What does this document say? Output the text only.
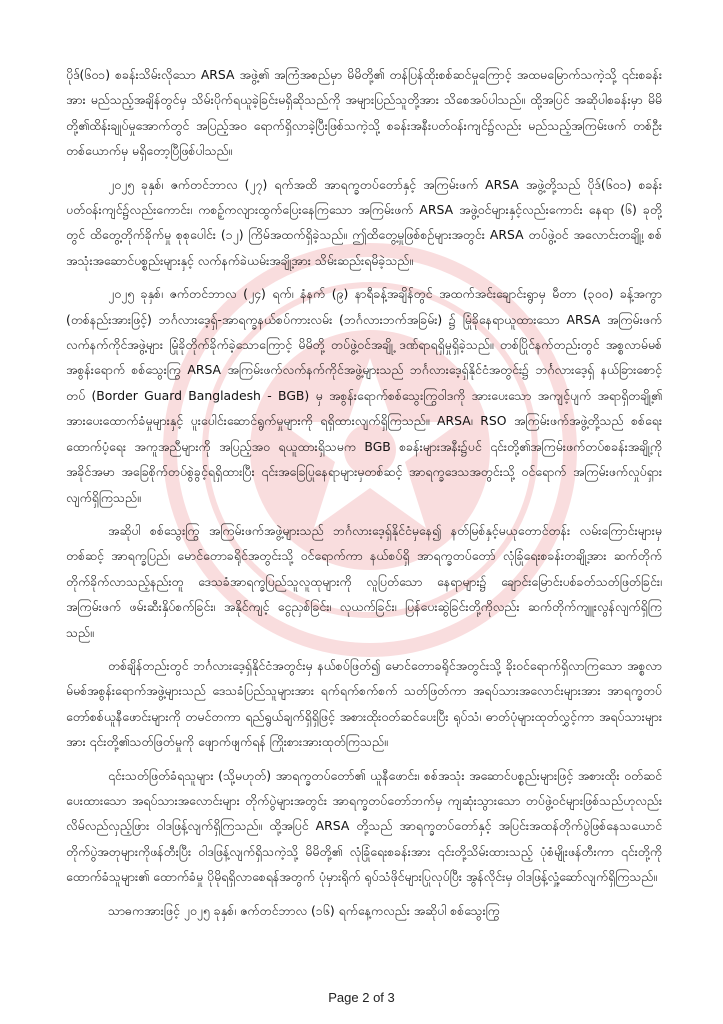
ပိုဒ်(၆၀၁) စခန်းသိမ်းလိုသော ARSA အဖွဲ့၏ အကြံအစည်မှာ မိမိတို့၏ တန်ပြန်ထိုးစစ်ဆင်မှုကြောင့် အထမမြောက်သကဲ့သို့ ၎င်းစခန်းအား မည်သည့်အချိန်တွင်မှ သိမ်းပိုက်ရယူခဲ့ခြင်းမရှိဆိုသည်ကို အများပြည်သူတို့အား သိစေအပ်ပါသည်။ ထို့အပြင် အဆိုပါစခန်းမှာ မိမိတို့၏ထိန်းချုပ်မှုအောက်တွင် အပြည့်အဝ ရောက်ရှိလာခဲ့ပြီးဖြစ်သကဲ့သို့ စခန်းအနီးပတ်ဝန်းကျင်၌လည်း မည်သည့်အကြမ်းဖက် တစ်ဦးတစ်ယောက်မှ မရှိတော့ပြီဖြစ်ပါသည်။

၂၀၂၅ ခုနှစ်၊ ဇက်တင်ဘာလ (၂၇) ရက်အထိ အာရက္ခတပ်တော်နှင့် အကြမ်းဖက် ARSA အဖွဲ့တို့သည် ပိုဒ်(၆၀၁) စခန်းပတ်ဝန်းကျင်၌လည်းကောင်း၊ ကစဉ့်ကလျားထွက်ပြေးနေကြသော အကြမ်းဖက် ARSA အဖွဲ့ဝင်များနှင့်လည်းကောင်း နေရာ (၆) ခုတို့တွင် ထိတွေ့တိုက်ခိုက်မှု စုစုပေါင်း (၁၂) ကြိမ်အထက်ရှိခဲ့သည်။ ဤထိတွေ့မှုဖြစ်စဉ်များအတွင်း ARSA တပ်ဖွဲ့ဝင် အလောင်းတချို့၊ စစ်အသုံးအဆောင်ပစ္စည်းများနှင့် လက်နက်ခဲယမ်းအချို့အား သိမ်းဆည်းရမိခဲ့သည်။

၂၀၂၅ ခုနှစ်၊ ဇက်တင်ဘာလ (၂၄) ရက်၊ နံနက် (၉) နာရီခန့်အချိန်တွင် အထက်အင်းချောင်းရွာမှ မီတာ (၃၀၀) ခန့်အကွာ (တစ်နည်းအားဖြင့်) ဘင်္ဂလားဒေ့ရှ်-အာရက္ခနယ်စပ်ကားလမ်း (ဘင်္ဂလားဘက်အခြမ်း) ၌ မြုံခိုနေရာယူထားသော ARSA အကြမ်းဖက် လက်နက်ကိုင်အဖွဲ့များ မြုံခိုတိုက်ခိုက်ခဲ့သောကြောင့် မိမိတို့ တပ်ဖွဲ့ဝင်အချို့ ဒဏ်ရာရရှိမှုရှိခဲ့သည်။ တစ်ပြိုင်နက်တည်းတွင် အစ္စလာမ်မစ်အစွန်းရောက် စစ်သွေးကြွ ARSA အကြမ်းဖက်လက်နက်ကိုင်အဖွဲ့များသည် ဘင်္ဂလားဒေ့ရှ်နိုင်ငံအတွင်း၌ ဘင်္ဂလားဒေ့ရှ် နယ်ခြားစောင့်တပ် (Border Guard Bangladesh - BGB) မှ အစွန်းရောက်စစ်သွေးကြွဝါဒကို အားပေးသော အကျင့်ပျက် အရာရှိတချို့၏ အားပေးထောက်ခံမှုများနှင့် ပူးပေါင်းဆောင်ရွက်မှုများကို ရရှိထားလျက်ရှိကြသည်။ ARSA၊ RSO အကြမ်းဖက်အဖွဲ့တို့သည် စစ်ရေး ထောက်ပံ့ရေး အကူအညီများကို အပြည့်အဝ ရယူထားရှိသမက BGB စခန်းများအနီး၌ပင် ၎င်းတို့၏အကြမ်းဖက်တပ်စခန်းအချို့ကို အခိုင်အမာ အခြေစိုက်တပ်စွဲခွင့်ရရှိထားပြီး ၎င်းအခြေပြုနေရာများမှတစ်ဆင့် အာရက္ခဒေသအတွင်းသို့ ဝင်ရောက် အကြမ်းဖက်လှုပ်ရှားလျက်ရှိကြသည်။

အဆိုပါ စစ်သွေးကြွ အကြမ်းဖက်အဖွဲ့များသည် ဘင်္ဂလားဒေ့ရှ်နိုင်ငံမှနေ၍ နတ်မြစ်နှင့်မယုတောင်တန်း လမ်းကြောင်းများမှတစ်ဆင့် အာရက္ခပြည်၊ မောင်တောခရိုင်အတွင်းသို့ ဝင်ရောက်ကာ နယ်စပ်ရှိ အာရက္ခတပ်တော် လုံခြုံရေးစခန်းတချို့အား ဆက်တိုက် တိုက်ခိုက်လာသည့်နည်းတူ ဒေသခံအာရက္ခပြည်သူလူထုများကို လူပြတ်သော နေရာများ၌ ချောင်းမြောင်းပစ်ခတ်သတ်ဖြတ်ခြင်း၊ အကြမ်းဖက် ဖမ်းဆီးနှိပ်စက်ခြင်း၊ အနိုင်ကျင့် ငွေညှစ်ခြင်း၊ လုယက်ခြင်း၊ ပြန်ပေးဆွဲခြင်းတို့ကိုလည်း ဆက်တိုက်ကျူးလွန်လျက်ရှိကြသည်။

တစ်ချိန်တည်းတွင် ဘင်္ဂလားဒေ့ရှ်နိုင်ငံအတွင်းမှ နယ်စပ်ဖြတ်၍ မောင်တောခရိုင်အတွင်းသို့ ခိုးဝင်ရောက်ရှိလာကြသော အစ္စလာမ်မစ်အစွန်းရောက်အဖွဲ့များသည် ဒေသခံပြည်သူများအား ရက်ရက်စက်စက် သတ်ဖြတ်ကာ အရပ်သားအလောင်းများအား အာရက္ခတပ်တော်စစ်ယူနီဖောင်းများကို တမင်တကာ ရည်ရွယ်ချက်ရှိရှိဖြင့် အစားထိုးဝတ်ဆင်ပေးပြီး ရုပ်သံ၊ ဓာတ်ပုံများထုတ်လွှင့်ကာ အရပ်သားများအား ၎င်းတို့၏သတ်ဖြတ်မှုကို ဖျောက်ဖျက်ရန် ကြိုးစားအားထုတ်ကြသည်။

၎င်းသတ်ဖြတ်ခံရသူများ (သို့မဟုတ်) အာရက္ခတပ်တော်၏ ယူနီဖောင်း၊ စစ်အသုံး အဆောင်ပစ္စည်းများဖြင့် အစားထိုး ဝတ်ဆင်ပေးထားသော အရပ်သားအလောင်းများ တိုက်ပွဲများအတွင်း အာရက္ခတပ်တော်ဘက်မှ ကျဆုံးသွားသော တပ်ဖွဲ့ဝင်များဖြစ်သည်ဟုလည်း လိမ်လည်လှည့်ဖြား ဝါဒဖြန့်လျက်ရှိကြသည်။ ထို့အပြင် ARSA တို့သည် အာရက္ခတပ်တော်နှင့် အပြင်းအထန်တိုက်ပွဲဖြစ်နေသယောင် တိုက်ပွဲအတုများကိုဖန်တီးပြီး ဝါဒဖြန့်လျက်ရှိသကဲ့သို့ မိမိတို့၏ လုံခြုံရေးစခန်းအား ၎င်းတို့သိမ်းထားသည့် ပုံစံမျိုးဖန်တီးကာ ၎င်းတို့ကို ထောက်ခံသူများ၏ ထောက်ခံမှု ပိုမိုရရှိလာစေရန်အတွက် ပုံမှားရိုက် ရုပ်သံဖိုင်များပြုလုပ်ပြီး အွန်လိုင်းမှ ဝါဒဖြန့်လှုံ့ဆော်လျက်ရှိကြသည်။

သာဓကအားဖြင့် ၂၀၂၅ ခုနှစ်၊ ဇက်တင်ဘာလ (၁၆) ရက်နေ့ကလည်း အဆိုပါ စစ်သွေးကြွ

Page 2 of 3
